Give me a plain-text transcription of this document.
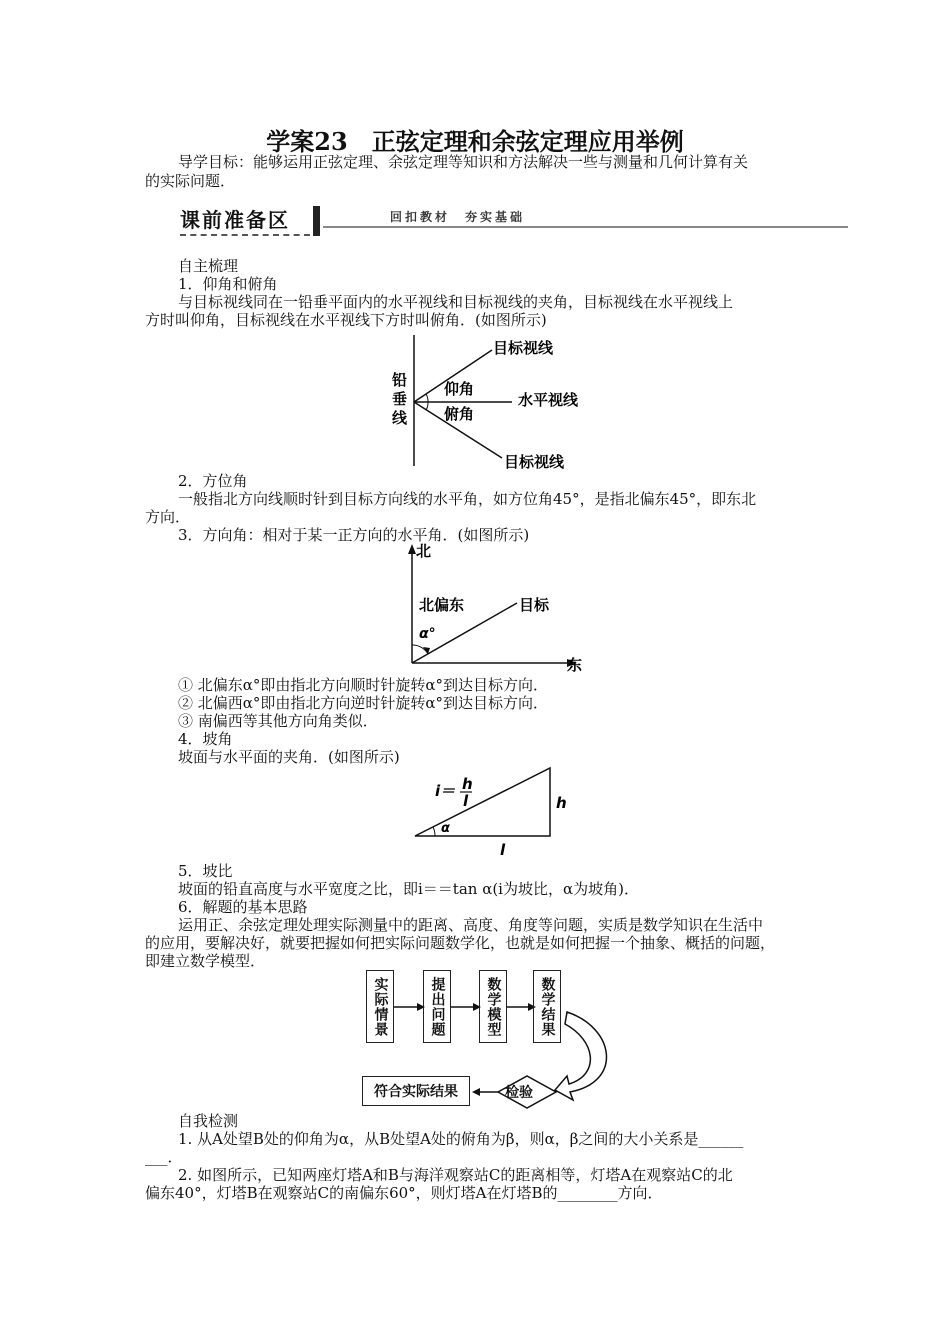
学案23　正弦定理和余弦定理应用举例
导学目标：能够运用正弦定理、余弦定理等知识和方法解决一些与测量和几何计算有关
的实际问题．
课前准备区	回扣教材　夯实基础
自主梳理
1．仰角和俯角
与目标视线同在一铅垂平面内的水平视线和目标视线的夹角，目标视线在水平视线上
方时叫仰角，目标视线在水平视线下方时叫俯角．(如图所示)
铅
垂
线
目标视线
水平视线
目标视线
仰角
俯角
2．方位角
一般指北方向线顺时针到目标方向线的水平角，如方位角45°，是指北偏东45°，即东北
方向．
3．方向角：相对于某一正方向的水平角．(如图所示)
北
东
北偏东	目标
α°
① 北偏东α°即由指北方向顺时针旋转α°到达目标方向．
② 北偏西α°即由指北方向逆时针旋转α°到达目标方向．
③ 南偏西等其他方向角类似．
4．坡角
坡面与水平面的夹角．(如图所示)
i＝ h
l	h
l
α
5．坡比
坡面的铅直高度与水平宽度之比，即i＝＝tan α(i为坡比，α为坡角)．
6．解题的基本思路
运用正、余弦定理处理实际测量中的距离、高度、角度等问题，实质是数学知识在生活中
的应用，要解决好，就要把握如何把实际问题数学化，也就是如何把握一个抽象、概括的问题，
即建立数学模型．
实际情景	提出问题	数学模型	数学结果
检验
符合实际结果
自我检测
1. 从A处望B处的仰角为α，从B处望A处的俯角为β，则α，β之间的大小关系是______
___．
2. 如图所示，已知两座灯塔A和B与海洋观察站C的距离相等，灯塔A在观察站C的北
偏东40°，灯塔B在观察站C的南偏东60°，则灯塔A在灯塔B的________方向．
